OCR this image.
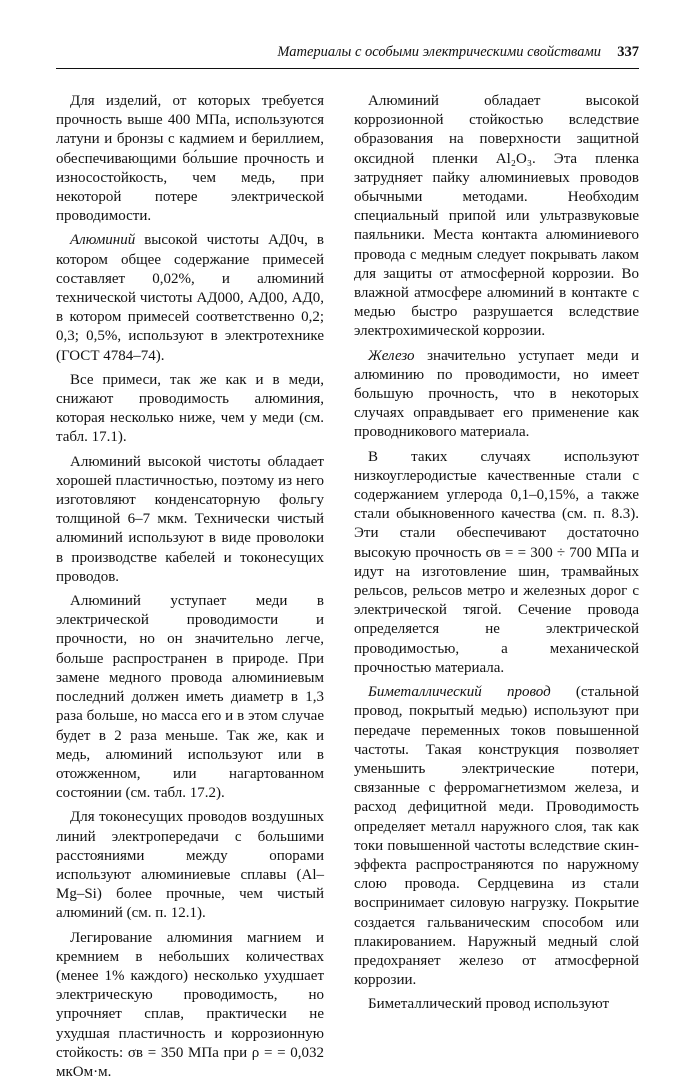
Материалы с особыми электрическими свойствами 337

Для изделий, от которых требуется прочность выше 400 МПа, используются латуни и бронзы с кадмием и бериллием, обеспечивающими бо́льшие прочность и износостойкость, чем медь, при некоторой потере электрической проводимости.

Алюминий высокой чистоты АД0ч, в котором общее содержание примесей составляет 0,02%, и алюминий технической чистоты АД000, АД00, АД0, в котором примесей соответственно 0,2; 0,3; 0,5%, используют в электротехнике (ГОСТ 4784–74).

Все примеси, так же как и в меди, снижают проводимость алюминия, которая несколько ниже, чем у меди (см. табл. 17.1).

Алюминий высокой чистоты обладает хорошей пластичностью, поэтому из него изготовляют конденсаторную фольгу толщиной 6–7 мкм. Технически чистый алюминий используют в виде проволоки в производстве кабелей и токонесущих проводов.

Алюминий уступает меди в электрической проводимости и прочности, но он значительно легче, больше распространен в природе. При замене медного провода алюминиевым последний должен иметь диаметр в 1,3 раза больше, но масса его и в этом случае будет в 2 раза меньше. Так же, как и медь, алюминий используют или в отожженном, или нагартованном состоянии (см. табл. 17.2).

Для токонесущих проводов воздушных линий электропередачи с большими расстояниями между опорами используют алюминиевые сплавы (Al–Mg–Si) более прочные, чем чистый алюминий (см. п. 12.1).

Легирование алюминия магнием и кремнием в небольших количествах (менее 1% каждого) несколько ухудшает электрическую проводимость, но упрочняет сплав, практически не ухудшая пластичность и коррозионную стойкость: σв = 350 МПа при ρ = = 0,032 мкОм·м.

Алюминий обладает высокой коррозионной стойкостью вследствие образования на поверхности защитной оксидной пленки Al₂O₃. Эта пленка затрудняет пайку алюминиевых проводов обычными методами. Необходим специальный припой или ультразвуковые паяльники. Места контакта алюминиевого провода с медным следует покрывать лаком для защиты от атмосферной коррозии. Во влажной атмосфере алюминий в контакте с медью быстро разрушается вследствие электрохимической коррозии.

Железо значительно уступает меди и алюминию по проводимости, но имеет большую прочность, что в некоторых случаях оправдывает его применение как проводникового материала.

В таких случаях используют низкоуглеродистые качественные стали с содержанием углерода 0,1–0,15%, а также стали обыкновенного качества (см. п. 8.3). Эти стали обеспечивают достаточно высокую прочность σв = = 300 ÷ 700 МПа и идут на изготовление шин, трамвайных рельсов, рельсов метро и железных дорог с электрической тягой. Сечение провода определяется не электрической проводимостью, а механической прочностью материала.

Биметаллический провод (стальной провод, покрытый медью) используют при передаче переменных токов повышенной частоты. Такая конструкция позволяет уменьшить электрические потери, связанные с ферромагнетизмом железа, и расход дефицитной меди. Проводимость определяет металл наружного слоя, так как токи повышенной частоты вследствие скин-эффекта распространяются по наружному слою провода. Сердцевина из стали воспринимает силовую нагрузку. Покрытие создается гальваническим способом или плакированием. Наружный медный слой предохраняет железо от атмосферной коррозии.

Биметаллический провод используют
